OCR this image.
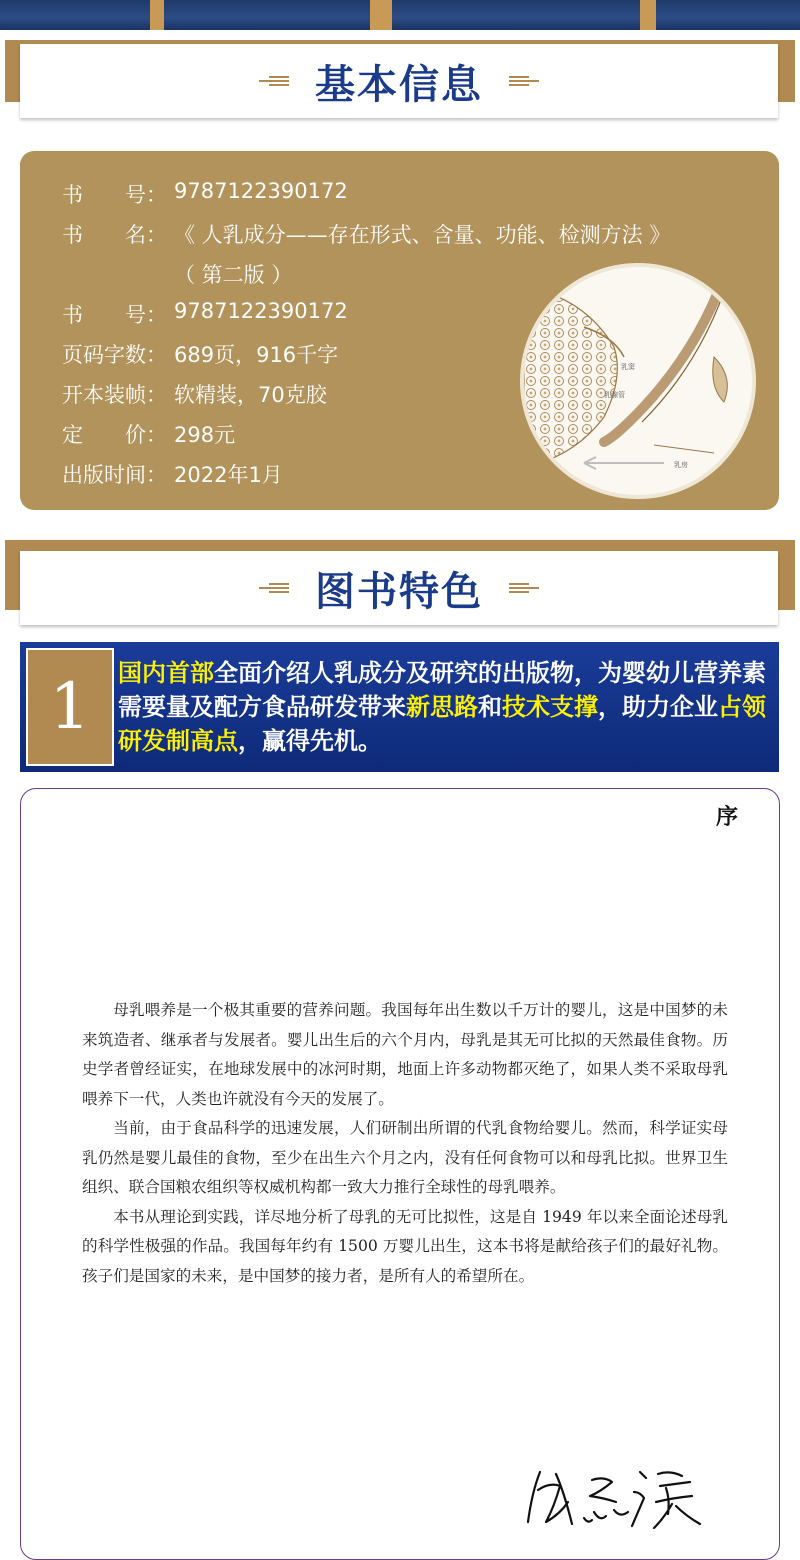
基本信息
书　　号： 9787122390172
书　　名： 《 人乳成分——存在形式、含量、功能、检测方法 》
（ 第二版 ）
书　　号： 9787122390172
页码字数： 689页，916千字
开本装帧： 软精装，70克胶
定　　价： 298元
出版时间： 2022年1月
乳窦
乳腺管
乳房
图书特色
1	国内首部全面介绍人乳成分及研究的出版物，为婴幼儿营养素需要量及配方食品研发带来新思路和技术支撑，助力企业占领研发制高点，赢得先机。
序

母乳喂养是一个极其重要的营养问题。我国每年出生数以千万计的婴儿，这是中国梦的未来筑造者、继承者与发展者。婴儿出生后的六个月内，母乳是其无可比拟的天然最佳食物。历史学者曾经证实，在地球发展中的冰河时期，地面上许多动物都灭绝了，如果人类不采取母乳喂养下一代，人类也许就没有今天的发展了。

当前，由于食品科学的迅速发展，人们研制出所谓的代乳食物给婴儿。然而，科学证实母乳仍然是婴儿最佳的食物，至少在出生六个月之内，没有任何食物可以和母乳比拟。世界卫生组织、联合国粮农组织等权威机构都一致大力推行全球性的母乳喂养。

本书从理论到实践，详尽地分析了母乳的无可比拟性，这是自 1949 年以来全面论述母乳的科学性极强的作品。我国每年约有 1500 万婴儿出生，这本书将是献给孩子们的最好礼物。孩子们是国家的未来，是中国梦的接力者，是所有人的希望所在。
